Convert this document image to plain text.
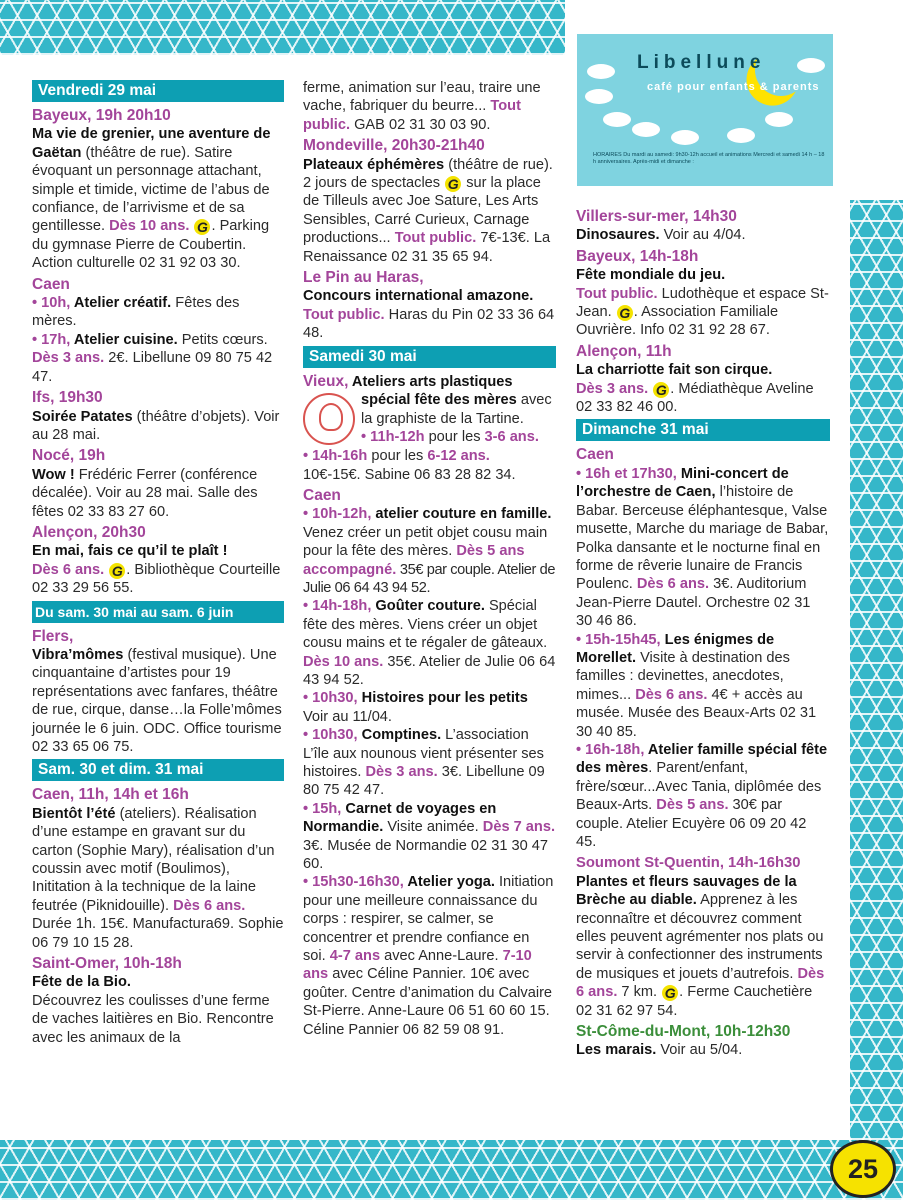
Libellune
café pour enfants & parents
HORAIRES Du mardi au samedi: 9h30-12h accueil et animations Mercredi et samedi 14 h – 18 h anniversaires. Après-midi et dimanche :
Vendredi 29 mai
Bayeux, 19h 20h10

Ma vie de grenier, une aventure de Gaëtan (théâtre de rue). Satire évoquant un personnage attachant, simple et timide, victime de l’abus de confiance, de l’arrivisme et de sa gentillesse. Dès 10 ans. G . Parking du gymnase Pierre de Coubertin. Action culturelle 02 31 92 03 30.

Caen

• 10h, Atelier créatif. Fêtes des mères.

• 17h, Atelier cuisine. Petits cœurs. Dès 3 ans. 2€. Libellune 09 80 75 42 47.

Ifs, 19h30

Soirée Patates (théâtre d’objets). Voir au 28 mai.

Nocé, 19h

Wow ! Frédéric Ferrer (conférence décalée). Voir au 28 mai. Salle des fêtes 02 33 83 27 60.

Alençon, 20h30

En mai, fais ce qu’il te plaît !
Dès 6 ans. G . Bibliothèque Courteille 02 33 29 56 55.

Du sam. 30 mai au sam. 6 juin
Flers,

Vibra’mômes (festival musique). Une cinquantaine d’artistes pour 19 représentations avec fanfares, théâtre de rue, cirque, danse…la Folle’mômes journée le 6 juin. ODC. Office tourisme 02 33 65 06 75.

Sam. 30 et dim. 31 mai
Caen, 11h, 14h et 16h

Bientôt l’été (ateliers). Réalisation d’une estampe en gravant sur du carton (Sophie Mary), réalisation d’un coussin avec motif (Boulimos), Inititation à la technique de la laine feutrée (Piknidouille). Dès 6 ans. Durée 1h. 15€. Manufactura69. Sophie 06 79 10 15 28.

Saint-Omer, 10h-18h

Fête de la Bio.
Découvrez les coulisses d’une ferme de vaches laitières en Bio. Rencontre avec les animaux de la

ferme, animation sur l’eau, traire une vache, fabriquer du beurre... Tout public. GAB 02 31 30 03 90.

Mondeville, 20h30-21h40

Plateaux éphémères (théâtre de rue). 2 jours de spectacles G sur la place de Tilleuls avec Joe Sature, Les Arts Sensibles, Carré Curieux, Carnage productions... Tout public. 7€-13€. La Renaissance 02 31 35 65 94.

Le Pin au Haras,

Concours international amazone.
Tout public. Haras du Pin 02 33 36 64 48.

Samedi 30 mai
Vieux, Ateliers arts plastiques spécial fête des mères
avec la graphiste de la Tartine.
• 11h-12h pour les 3-6 ans.
• 14h-16h pour les 6-12 ans.
10€-15€. Sabine 06 83 28 82 34.
Caen

• 10h-12h, atelier couture en famille. Venez créer un petit objet cousu main pour la fête des mères. Dès 5 ans accompagné. 35€ par couple. Atelier de Julie 06 64 43 94 52.

• 14h-18h, Goûter couture. Spécial fête des mères. Viens créer un objet cousu mains et te régaler de gâteaux. Dès 10 ans. 35€. Atelier de Julie 06 64 43 94 52.

• 10h30, Histoires pour les petits Voir au 11/04.

• 10h30, Comptines. L’association L’île aux nounous vient présenter ses histoires. Dès 3 ans. 3€. Libellune 09 80 75 42 47.

• 15h, Carnet de voyages en Normandie. Visite animée. Dès 7 ans. 3€. Musée de Normandie 02 31 30 47 60.

• 15h30-16h30, Atelier yoga. Initiation pour une meilleure connaissance du corps : respirer, se calmer, se concentrer et prendre confiance en soi. 4-7 ans avec Anne-Laure. 7-10 ans avec Céline Pannier. 10€ avec goûter. Centre d’animation du Calvaire St-Pierre. Anne-Laure 06 51 60 60 15. Céline Pannier 06 82 59 08 91.

Villers-sur-mer, 14h30

Dinosaures. Voir au 4/04.

Bayeux, 14h-18h

Fête mondiale du jeu.
Tout public. Ludothèque et espace St-Jean. G . Association Familiale Ouvrière. Info 02 31 92 28 67.

Alençon, 11h

La charriotte fait son cirque.
Dès 3 ans. G . Médiathèque Aveline 02 33 82 46 00.

Dimanche 31 mai
Caen

• 16h et 17h30, Mini-concert de l’orchestre de Caen, l’histoire de Babar. Berceuse éléphantesque, Valse musette, Marche du mariage de Babar, Polka dansante et le nocturne final en forme de rêverie lunaire de Francis Poulenc. Dès 6 ans. 3€. Auditorium Jean-Pierre Dautel. Orchestre 02 31 30 46 86.

• 15h-15h45, Les énigmes de Morellet. Visite à destination des familles : devinettes, anecdotes, mimes... Dès 6 ans. 4€ + accès au musée. Musée des Beaux-Arts 02 31 30 40 85.

• 16h-18h, Atelier famille spécial fête des mères. Parent/enfant, frère/sœur...Avec Tania, diplômée des Beaux-Arts. Dès 5 ans. 30€ par couple. Atelier Ecuyère 06 09 20 42 45.

Soumont St-Quentin, 14h-16h30

Plantes et fleurs sauvages de la Brèche au diable. Apprenez à les reconnaître et découvrez comment elles peuvent agrémenter nos plats ou servir à confectionner des instruments de musiques et jouets d’autrefois. Dès 6 ans. 7 km. G . Ferme Cauchetière 02 31 62 97 54.

St-Côme-du-Mont, 10h-12h30

Les marais. Voir au 5/04.

25
